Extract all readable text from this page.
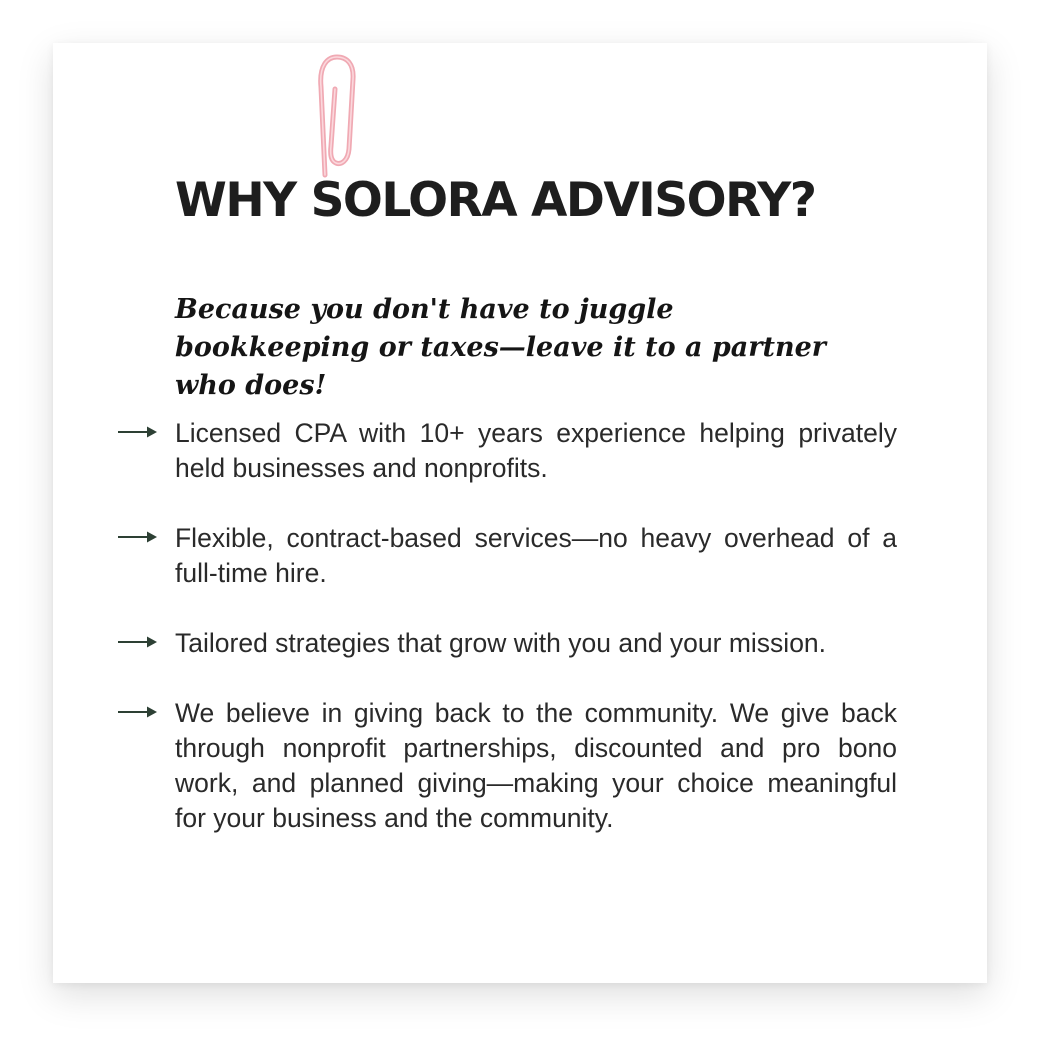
WHY SOLORA ADVISORY?

Because you don't have to juggle bookkeeping or taxes—leave it to a partner who does!

Licensed CPA with 10+ years experience helping privately held businesses and nonprofits.
Flexible, contract-based services—no heavy overhead of a full-time hire.
Tailored strategies that grow with you and your mission.
We believe in giving back to the community. We give back through nonprofit partnerships, discounted and pro bono work, and planned giving—making your choice meaningful for your business and the community.
